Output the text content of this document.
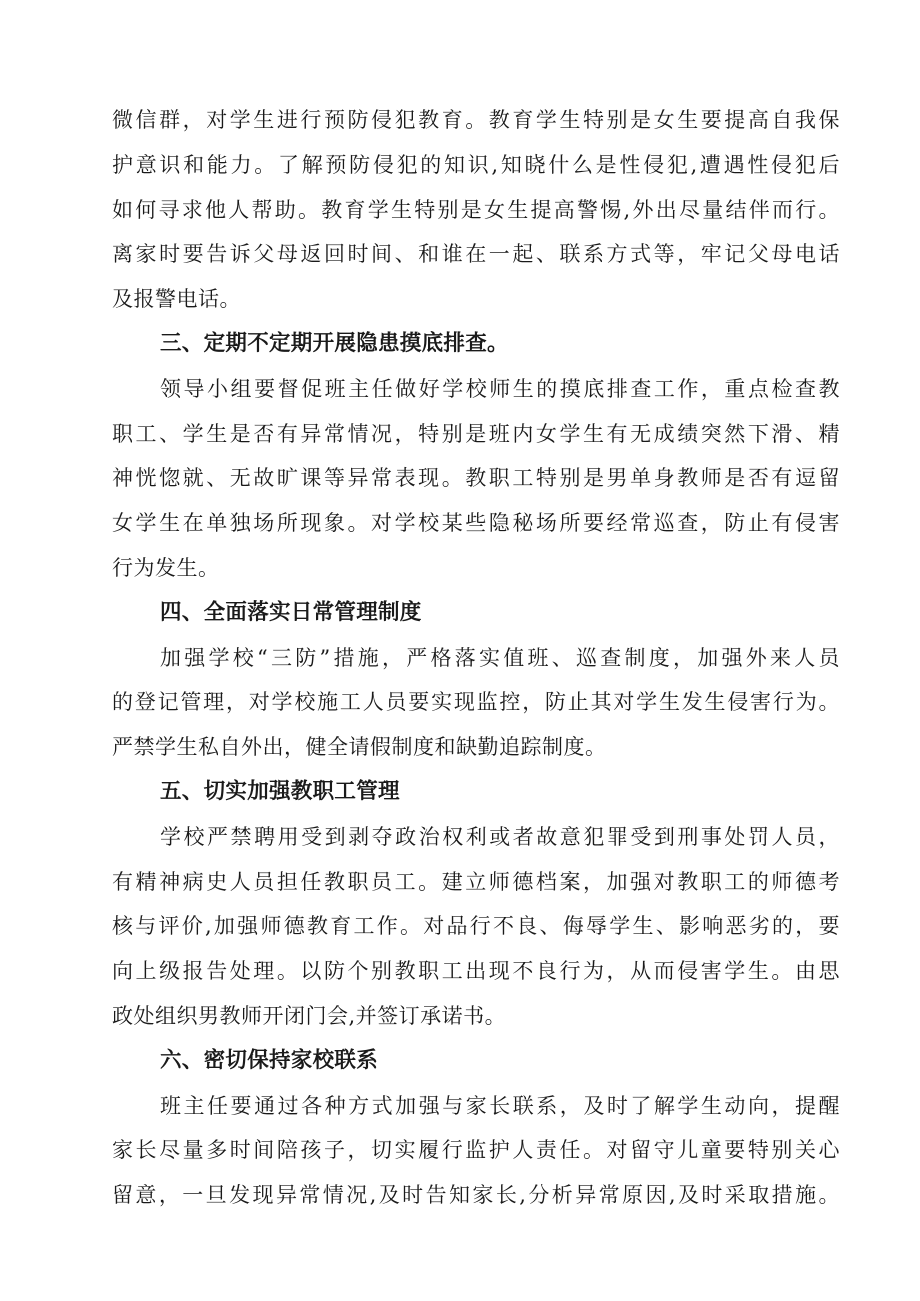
微信群，对学生进行预防侵犯教育。教育学生特别是女生要提高自我保
护意识和能力。了解预防侵犯的知识,知晓什么是性侵犯,遭遇性侵犯后
如何寻求他人帮助。教育学生特别是女生提高警惕,外出尽量结伴而行。
离家时要告诉父母返回时间、和谁在一起、联系方式等，牢记父母电话
及报警电话。
三、定期不定期开展隐患摸底排查。
领导小组要督促班主任做好学校师生的摸底排查工作，重点检查教
职工、学生是否有异常情况，特别是班内女学生有无成绩突然下滑、精
神恍惚就、无故旷课等异常表现。教职工特别是男单身教师是否有逗留
女学生在单独场所现象。对学校某些隐秘场所要经常巡查，防止有侵害
行为发生。
四、全面落实日常管理制度
加强学校“三防”措施，严格落实值班、巡查制度，加强外来人员
的登记管理，对学校施工人员要实现监控，防止其对学生发生侵害行为。
严禁学生私自外出，健全请假制度和缺勤追踪制度。
五、切实加强教职工管理
学校严禁聘用受到剥夺政治权利或者故意犯罪受到刑事处罚人员，
有精神病史人员担任教职员工。建立师德档案，加强对教职工的师德考
核与评价,加强师德教育工作。对品行不良、侮辱学生、影响恶劣的，要
向上级报告处理。以防个别教职工出现不良行为，从而侵害学生。由思
政处组织男教师开闭门会,并签订承诺书。
六、密切保持家校联系
班主任要通过各种方式加强与家长联系，及时了解学生动向，提醒
家长尽量多时间陪孩子，切实履行监护人责任。对留守儿童要特别关心
留意，一旦发现异常情况,及时告知家长,分析异常原因,及时采取措施。
